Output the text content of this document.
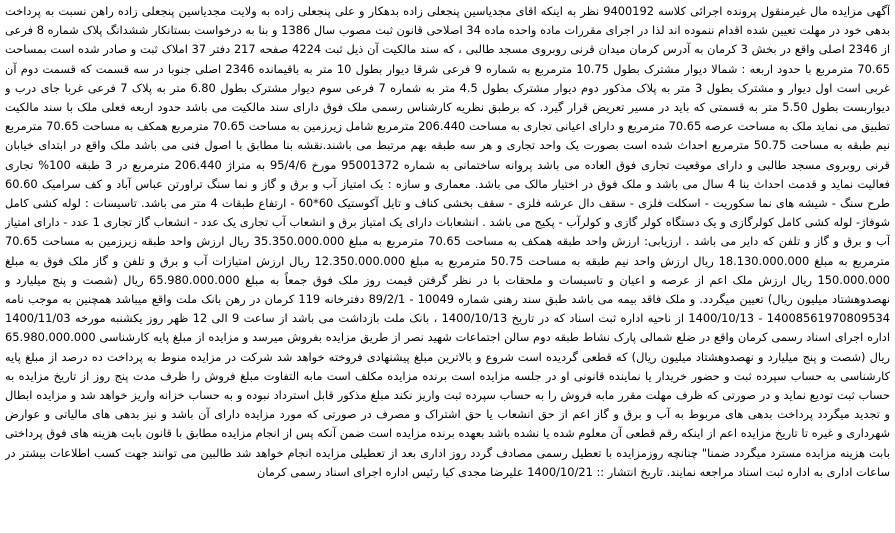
آگهی مزایده مال غیرمنقول پرونده اجرائی کلاسه 9400192 نظر به اینکه اقای مجدیاسین پنجعلی زاده بدهکار و علی پنجعلی زاده به ولایت مجدیاسین پنجعلی زاده راهن نسبت به پرداخت بدهی خود در مهلت تعیین شده اقدام ننموده اند لذا در اجرای مقررات ماده واحده ماده 34 اصلاحی قانون ثبت مصوب سال 1386 و بنا به درخواست بستانکار ششدانگ پلاک شماره 8 فرعی از 2346 اصلی واقع در بخش 3 کرمان به آدرس کرمان میدان قرنی روبروی مسجد طالبی ، که سند مالکیت آن ذیل ثبت 4224 صفحه 217 دفتر 37 املاک ثبت و صادر شده است بمساحت 70.65 مترمربع با حدود اربعه : شمالا دیوار مشترک بطول 10.75 مترمربع به شماره 9 فرعی شرقا دیوار بطول 10 متر به باقیمانده 2346 اصلی جنوبا در سه قسمت که قسمت دوم آن غربی است اول دیوار و مشترک بطول 3 متر به پلاک مذکور دوم دیوار مشترک بطول 4.5 متر به شماره 7 فرعی سوم دیوار مشترک بطول 6.80 متر به پلاک 7 فرعی غربا جای درب و دیواربست بطول 5.50 متر به قسمتی که باید در مسیر تعریض قرار گیرد. که برطبق نظریه کارشناس رسمی ملک فوق دارای سند مالکیت می باشد حدود اربعه فعلی ملک با سند مالکیت تطبیق می نماید ملک به مساحت عرصه 70.65 مترمربع و دارای اعیانی تجاری به مساحت 206.440 مترمربع شامل زیرزمین به مساحت 70.65 مترمربع همکف به مساحت 70.65 مترمربع نیم طبقه به مساحت 50.75 مترمربع احداث شده است بصورت یک واحد تجاری و هر سه طبقه بهم مرتبط می باشند.نقشه بنا مطابق با اصول فنی می باشد ملک واقع در ابتدای خیابان قرنی روبروی مسجد طالبی و دارای موقعیت تجاری فوق العاده می باشد پروانه ساختمانی به شماره 95001372 مورخ 95/4/6 به متراژ 206.440 مترمربع در 3 طبقه 100% تجاری فعالیت نماید و قدمت احداث بنا 4 سال می باشد و ملک فوق در اختیار مالک می باشد. معماری و سازه : یک امتیاز آب و برق و گاز و نما سنگ تراورتن عباس آباد و کف سرامیک 60.60 طرح سنگ - شیشه های نما سکوریت - اسکلت فلزی - سقف دال عرشه فلزی - سقف بخشی کناف و تایل آکوستیک 60*60 - ارتفاع طبقات 4 متر می باشد. تاسیسات : لوله کشی کامل شوفاژ- لوله کشی کامل کولرگازی و یک دستگاه کولر گازی و کولرآب - پکیج می باشد . انشعابات دارای یک امتیاز برق و انشعاب آب تجاری یک عدد - انشعاب گاز تجاری 1 عدد - دارای امتیاز آب و برق و گاز و تلفن که دایر می باشد . ارزیابی: ارزش واحد طبقه همکف به مساحت 70.65 مترمربع به مبلغ 35.350.000.000 ریال ارزش واحد طبقه زیرزمین به مساحت 70.65 مترمربع به مبلغ 18.130.000.000 ریال ارزش واحد نیم طبقه به مساحت 50.75 مترمربع به مبلغ 12.350.000.000 ریال ارزش امتیازات آب و برق و تلفن و گاز ملک فوق به مبلغ 150.000.000 ریال ارزش ملک اعم از عرصه و اعیان و تاسیسات و ملحقات با در نظر گرفتن قیمت روز ملک فوق جمعاً به مبلغ 65.980.000.000 ریال (شصت و پنج میلیارد و نهصدوهشتاد میلیون ریال) تعیین میگردد. و ملک فاقد بیمه می باشد طبق سند رهنی شماره 10049 - 89/2/1 دفترخانه 119 کرمان در رهن بانک ملت واقع میباشد همچنین به موجب نامه 14008561970809534 - 1400/10/13 از ناحیه اداره ثبت اسناد که در تاریخ 1400/10/13 ، بانک ملت بازداشت می باشد از ساعت 9 الی 12 ظهر روز یکشنبه مورخه 1400/11/03 اداره اجرای اسناد رسمی کرمان واقع در ضلع شمالی پارک نشاط طبقه دوم سالن اجتماعات شهید نصر از طریق مزایده بفروش میرسد و مزایده از مبلغ پایه کارشناسی 65.980.000.000 ریال (شصت و پنج میلیارد و نهصدوهشتاد میلیون ریال) که قطعی گردیده است شروع و بالاترین مبلغ پیشنهادی فروخته خواهد شد شرکت در مزایده منوط به پرداخت ده درصد از مبلغ پایه کارشناسی به حساب سپرده ثبت و حضور خریدار یا نماینده قانونی او در جلسه مزایده است برنده مزایده مکلف است مابه التفاوت مبلغ فروش را ظرف مدت پنج روز از تاریخ مزایده به حساب ثبت تودیع نماید و در صورتی که ظرف مهلت مقرر مابه فروش را به حساب سپرده ثبت واریز نکند مبلغ مذکور قابل استرداد نبوده و به حساب خزانه واریز خواهد شد و مزایده ابطال و تجدید میگردد پرداخت بدهی های مربوط به آب و برق و گاز اعم از حق انشعاب یا حق اشتراک و مصرف در صورتی که مورد مزایده دارای آن باشد و نیز بدهی های مالیاتی و عوارض شهرداری و غیره تا تاریخ مزایده اعم از اینکه رقم قطعی آن معلوم شده یا نشده باشد بعهده برنده مزایده است ضمن آنکه پس از انجام مزایده مطابق با قانون بابت هزینه های فوق پرداختی بابت هزینه مزایده مسترد میگردد ضمنا" چنانچه روزمزایده با تعطیل رسمی مصادف گردد روز اداری بعد از تعطیلی مزایده انجام خواهد شد طالبین می توانند جهت کسب اطلاعات بیشتر در ساعات اداری به اداره ثبت اسناد مراجعه نمایند. تاریخ انتشار :: 1400/10/21 علیرضا مجدی کیا رئیس اداره اجرای اسناد رسمی کرمان
